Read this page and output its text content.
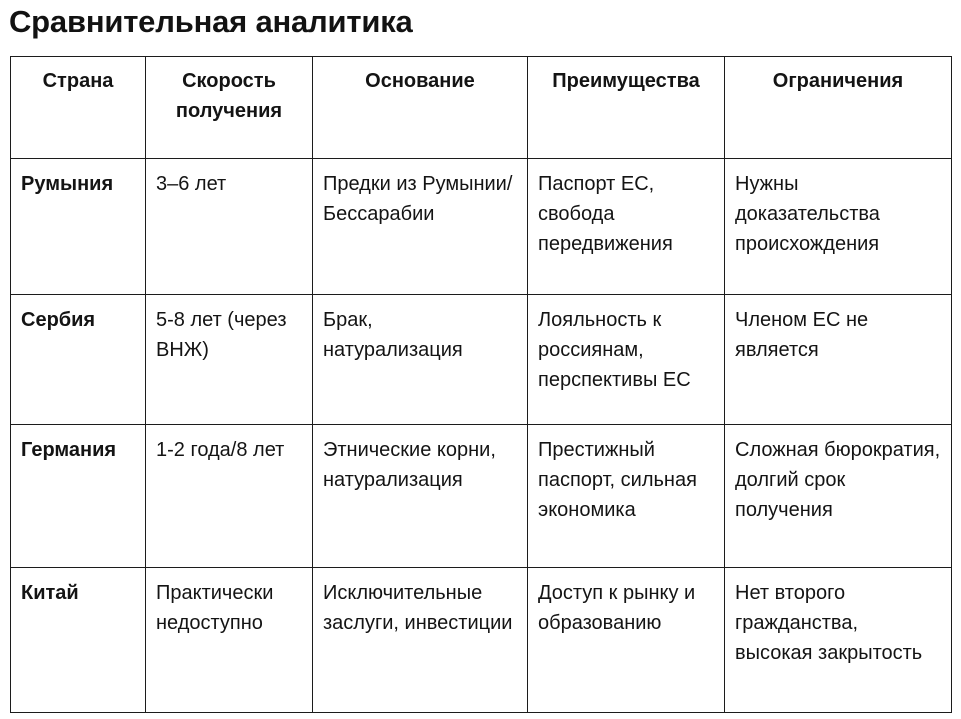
Сравнительная аналитика
Страна	Скорость получения	Основание	Преимущества	Ограничения
Румыния	3–6 лет	Предки из Румынии/Бессарабии	Паспорт ЕС, свобода передвижения	Нужны доказательства происхождения
Сербия	5-8 лет (через ВНЖ)	Брак, натурализация	Лояльность к россиянам, перспективы ЕС	Членом ЕС не является
Германия	1-2 года/8 лет	Этнические корни, натурализация	Престижный паспорт, сильная экономика	Сложная бюрократия, долгий срок получения
Китай	Практически недоступно	Исключительные заслуги, инвестиции	Доступ к рынку и образованию	Нет второго гражданства, высокая закрытость
